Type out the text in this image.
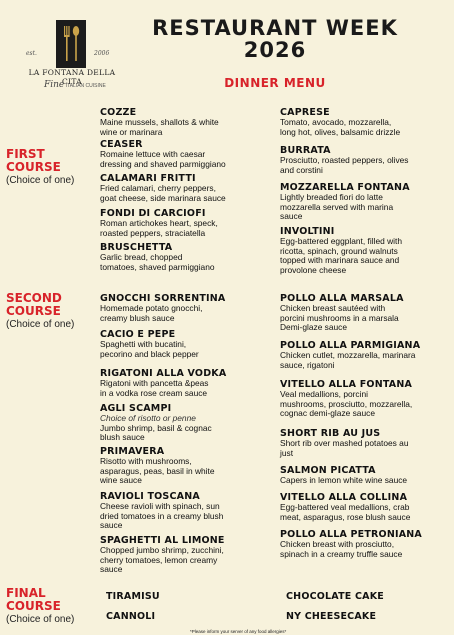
est.	2006
LA FONTANA DELLA CITA
Fine ITALIAN CUISINE
RESTAURANT WEEK
2026
DINNER MENU
FIRST
COURSE
(Choice of one)
SECOND
COURSE
(Choice of one)
FINAL
COURSE
(Choice of one)
COZZE
Maine mussels, shallots & white
wine or marinara
CEASER
Romaine lettuce with caesar
dressing and shaved parmiggiano
CALAMARI FRITTI
Fried calamari, cherry peppers,
goat cheese, side marinara sauce
FONDI DI CARCIOFI
Roman artichokes heart, speck,
roasted peppers, straciatella
BRUSCHETTA
Garlic bread, chopped
tomatoes, shaved parmiggiano
CAPRESE
Tomato, avocado, mozzarella,
long hot, olives, balsamic drizzle
BURRATA
Prosciutto, roasted peppers, olives
and corstini
MOZZARELLA FONTANA
Lightly breaded fiori do latte
mozzarella served with marina
sauce
INVOLTINI
Egg-battered eggplant, filled with
ricotta, spinach, ground walnuts
topped with marinara sauce and
provolone cheese
GNOCCHI SORRENTINA
Homemade potato gnocchi,
creamy blush sauce
CACIO E PEPE
Spaghetti with bucatini,
pecorino and black pepper
RIGATONI ALLA VODKA
Rigatoni with pancetta &peas
in a vodka rose cream sauce
AGLI SCAMPI
Choice of risotto or penne
Jumbo shrimp, basil & cognac
blush sauce
PRIMAVERA
Risotto with mushrooms,
asparagus, peas, basil in white
wine sauce
RAVIOLI TOSCANA
Cheese ravioli with spinach, sun
dried tomatoes in a creamy blush
sauce
SPAGHETTI AL LIMONE
Chopped jumbo shrimp, zucchini,
cherry tomatoes, lemon creamy
sauce
POLLO ALLA MARSALA
Chicken breast sautéed with
porcini mushrooms in a marsala
Demi-glaze sauce
POLLO ALLA PARMIGIANA
Chicken cutlet, mozzarella, marinara
sauce, rigatoni
VITELLO ALLA FONTANA
Veal medallions, porcini
mushrooms, prosciutto, mozzarella,
cognac demi-glaze sauce
SHORT RIB AU JUS
Short rib over mashed potatoes au
just
SALMON PICATTA
Capers in lemon white wine sauce
VITELLO ALLA COLLINA
Egg-battered veal medallions, crab
meat, asparagus, rose blush sauce
POLLO ALLA PETRONIANA
Chicken breast with prosciutto,
spinach in a creamy truffle sauce
TIRAMISU
CANNOLI
CHOCOLATE CAKE
NY CHEESECAKE
*Please inform your server of any food allergies*
